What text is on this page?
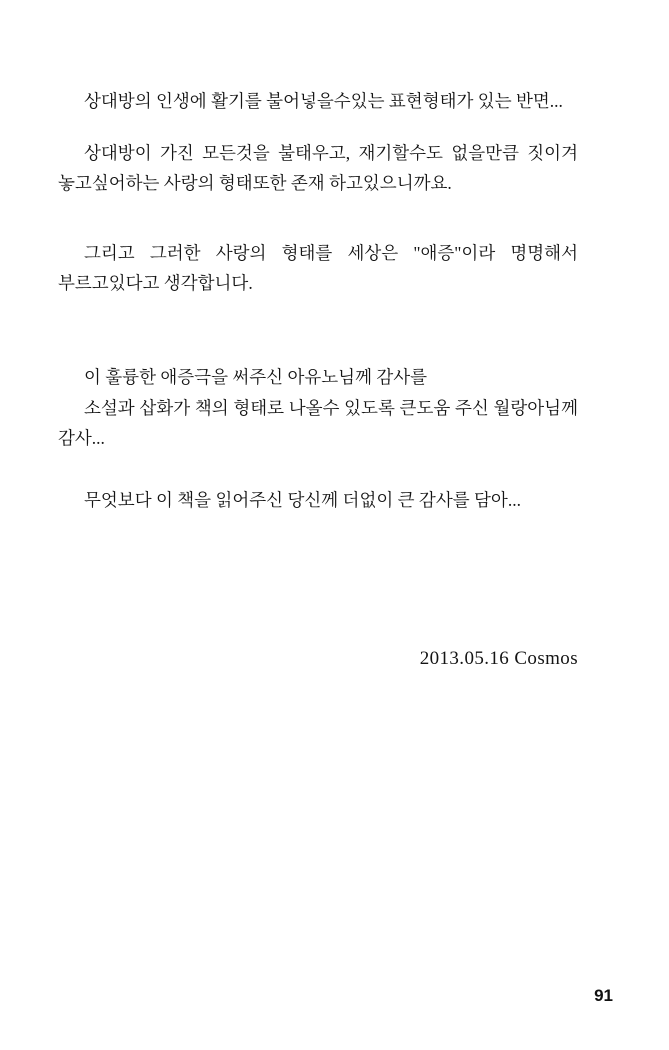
상대방의 인생에 활기를 불어넣을수있는 표현형태가 있는 반면...

상대방이 가진 모든것을 불태우고, 재기할수도 없을만큼 짓이겨 놓고싶어하는 사랑의 형태또한 존재 하고있으니까요.

그리고 그러한 사랑의 형태를 세상은 "애증"이라 명명해서 부르고있다고 생각합니다.

이 훌륭한 애증극을 써주신 아유노님께 감사를

소설과 삽화가 책의 형태로 나올수 있도록 큰도움 주신 월랑아님께 감사...

무엇보다 이 책을 읽어주신 당신께 더없이 큰 감사를 담아...

2013.05.16 Cosmos
91
